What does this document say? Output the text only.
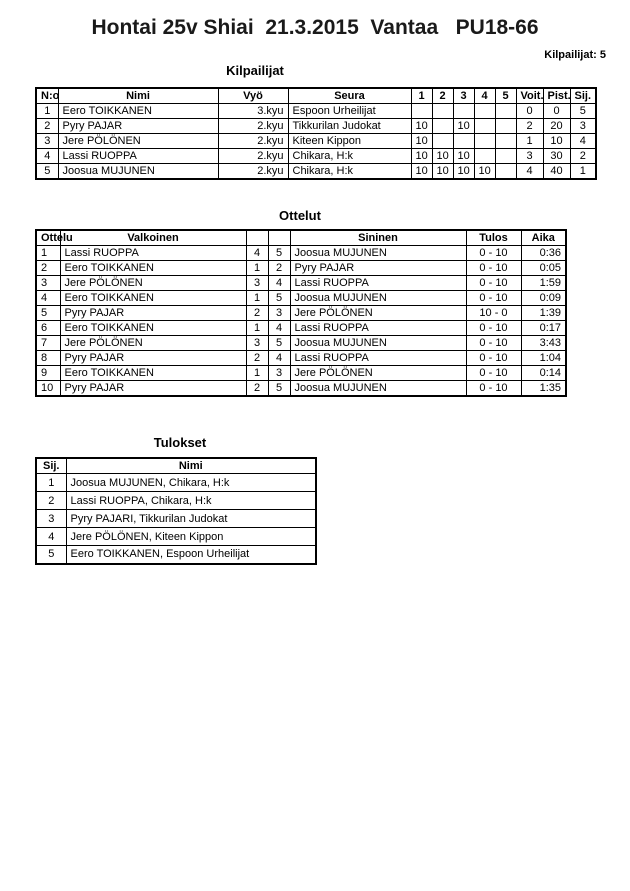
Hontai 25v Shiai  21.3.2015  Vantaa   PU18-66
Kilpailijat: 5
Kilpailijat
N:o	Nimi	Vyö	Seura	1	2	3	4	5	Voit.	Pist.	Sij.
1	Eero TOIKKANEN	3.kyu	Espoon Urheilijat						0	0	5
2	Pyry PAJAR	2.kyu	Tikkurilan Judokat	10		10			2	20	3
3	Jere PÖLÖNEN	2.kyu	Kiteen Kippon	10					1	10	4
4	Lassi RUOPPA	2.kyu	Chikara, H:k	10	10	10			3	30	2
5	Joosua MUJUNEN	2.kyu	Chikara, H:k	10	10	10	10		4	40	1
Ottelut
Ottelu	Valkoinen			Sininen	Tulos	Aika
1	Lassi RUOPPA	4	5	Joosua MUJUNEN	0 - 10	0:36
2	Eero TOIKKANEN	1	2	Pyry PAJAR	0 - 10	0:05
3	Jere PÖLÖNEN	3	4	Lassi RUOPPA	0 - 10	1:59
4	Eero TOIKKANEN	1	5	Joosua MUJUNEN	0 - 10	0:09
5	Pyry PAJAR	2	3	Jere PÖLÖNEN	10 - 0	1:39
6	Eero TOIKKANEN	1	4	Lassi RUOPPA	0 - 10	0:17
7	Jere PÖLÖNEN	3	5	Joosua MUJUNEN	0 - 10	3:43
8	Pyry PAJAR	2	4	Lassi RUOPPA	0 - 10	1:04
9	Eero TOIKKANEN	1	3	Jere PÖLÖNEN	0 - 10	0:14
10	Pyry PAJAR	2	5	Joosua MUJUNEN	0 - 10	1:35
Tulokset
Sij.	Nimi
1	Joosua MUJUNEN, Chikara, H:k
2	Lassi RUOPPA, Chikara, H:k
3	Pyry PAJARI, Tikkurilan Judokat
4	Jere PÖLÖNEN, Kiteen Kippon
5	Eero TOIKKANEN, Espoon Urheilijat
